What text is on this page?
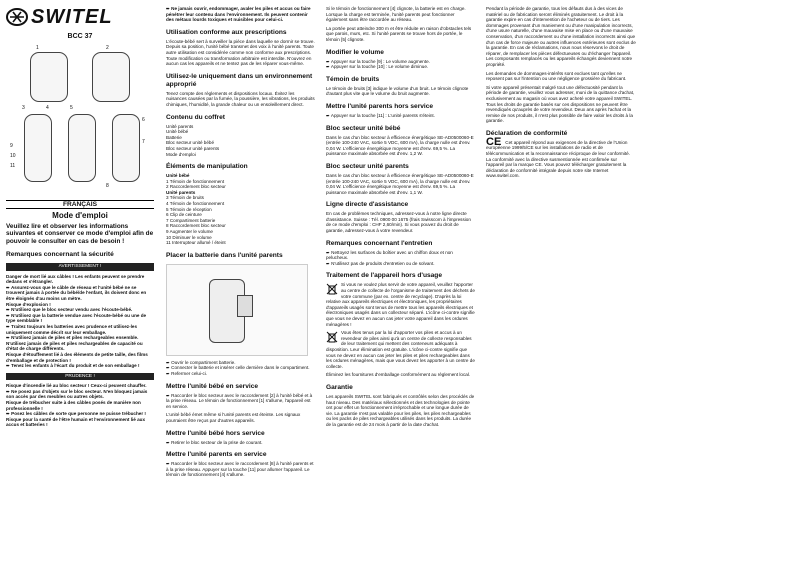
SWITEL
BCC 37
1	2
3	4	5
6
7
8
9
10
11
FRANÇAIS
Mode d'emploi
Veuillez lire et observer les informations suivantes et conserver ce mode d'emploi afin de pouvoir le consulter en cas de besoin !
Remarques concernant la sécurité
AVERTISSEMENT !

Danger de mort lié aux câbles ! Les enfants peuvent se prendre dedans et s'étrangler.

➨ Assurez-vous que le câble de réseau et l'unité bébé ne se trouvent jamais à portée du bébé/de l'enfant, ils doivent donc en être éloignés d'au moins un mètre.

Risque d'explosion !

➨ N'utilisez que le bloc secteur vendu avec l'écoute-bébé.

➨ N'utilisez que la batterie vendue avec l'écoute-bébé ou une de type semblable !

➨ Traitez toujours les batteries avec prudence et utilisez-les uniquement comme décrit sur leur emballage.

➨ N'utilisez jamais de piles et piles rechargeables ensemble. N'utilisez jamais de piles et piles rechargeables de capacité ou d'état de charge différents.

Risque d'étouffement lié à des éléments de petite taille, des films d'emballage et de protection !

➨ Tenez les enfants à l'écart du produit et de son emballage !

PRUDENCE !

Risque d'incendie lié au bloc secteur ! Ceux-ci peuvent chauffer.

➨ Ne posez pas d'objets sur le bloc secteur. N'en bloquez jamais son accès par des meubles ou autres objets.

Risque de trébucher suite à des câbles posés de manière non professionnelle !

➨ Posez les câbles de sorte que personne ne puisse trébucher !

Risque pour la santé de l'être humain et l'environnement lié aux accus et batteries !

➨ Ne jamais ouvrir, endommager, avaler les piles et accus ou faire pénétrer leur contenu dans l'environnement. Ils peuvent contenir des métaux lourds toxiques et nuisibles pour celui-ci.

Utilisation conforme aux prescriptions

L'écoute-bébé sert à surveiller la pièce dans laquelle se dormir se trouve. Depuis sa position, l'unité bébé transmet des voix à l'unité parents. Toute autre utilisation est considérée comme non conforme aux prescriptions. Toute modification ou transformation arbitraire est interdite. N'ouvrez en aucun cas les appareils et ne tentez pas de les réparer vous-même.

Utilisez-le uniquement dans un environnement approprié

Tenez compte des règlements et dispositions locaux. Évitez les nuisances causées par la fumée, la poussière, les vibrations, les produits chimiques, l'humidité, la grande chaleur ou un ensoleillement direct.

Contenu du coffret

Unité parents

Unité bébé

Batterie

Bloc secteur unité bébé

Bloc secteur unité parents

Mode d'emploi

Éléments de manipulation

Unité bébé

1 Témoin de fonctionnement

2 Raccordement bloc secteur

Unité parents

3 Témoin de bruits

4 Témoin de fonctionnement

5 Témoin de réception

6 Clip de ceinture

7 Compartiment batterie

8 Raccordement bloc secteur

9 Augmenter le volume

10 Diminuer le volume

11 Interrupteur allumé / éteint

Placer la batterie dans l'unité parents

➨ Ouvrir le compartiment batterie.

➨ Connecter le batterie et insérer celle dernière dans le compartiment.

➨ Refermer celui-ci.

Mettre l'unité bébé en service

➨ Raccorder le bloc secteur avec le raccordement [2] à l'unité bébé et à la prise réseau. Le témoin de fonctionnement [1] s'allume, l'appareil est en service.

L'unité bébé émet même si l'unité parents est éteinte. Les signaux pourraient être reçus par d'autres appareils.

Mettre l'unité bébé hors service

➨ Retirer le bloc secteur de la prise de courant.

Mettre l'unité parents en service

➨ Raccorder le bloc secteur avec le raccordement [8] à l'unité parents et à la prise réseau. Appuyer sur la touche [11] pour allumer l'appareil. Le témoin de fonctionnement [4] s'allume.

Si le témoin de fonctionnement [4] clignote, la batterie est en charge. Lorsque la charge est terminée, l'unité parents peut fonctionner également sans être raccordée au réseau.

La portée peut atteindre 300 m et être réduite en raison d'obstacles tels que parois, murs, etc. Si l'unité parents se trouve hors de portée, le témoin [5] clignote.

Modifier le volume

➨ Appuyer sur la touche [9] : Le volume augmente.

➨ Appuyer sur la touche [10] : Le volume diminue.

Témoin de bruits

Le témoin de bruits [3] indique le volume d'un bruit. Le témoin clignote d'autant plus vite que le volume du bruit augmente.

Mettre l'unité parents hors service

➨ Appuyer sur la touche [11] : L'unité parents s'éteint.

Bloc secteur unité bébé

Dans le cas d'un bloc secteur à efficience énergétique SE-AD0500060-E (entrée 100-240 VAC, sortie 5 VDC, 600 mA), la charge nulle est d'env. 0,04 W. L'efficience énergétique moyenne est d'env. 69,5 %. La puissance maximale absorbée est d'env. 1,2 W.

Bloc secteur unité parents

Dans le cas d'un bloc secteur à efficience énergétique SE-AD0500060-E (entrée 100-240 VAC, sortie 5 VDC, 600 mA), la charge nulle est d'env. 0,04 W. L'efficience énergétique moyenne est d'env. 69,5 %. La puissance maximale absorbée est d'env. 1,1 W.

Ligne directe d'assistance

En cas de problèmes techniques, adressez-vous à notre ligne directe d'assistance. Suisse : Tél. 0900 00 1675 (frais Swisscom à l'impression de ce mode d'emploi : CHF 2,60/min). Si vous pouvez du droit de garantie, adressez-vous à votre revendeur.

Remarques concernant l'entretien

➨ Nettoyez les surfaces du boîtier avec un chiffon doux et non pelucheux.

➨ N'utilisez pas de produits d'entretien ou de solvant.

Traitement de l'appareil hors d'usage

Si vous ne voulez plus servir de votre appareil, veuillez l'apporter au centre de collecte de l'organisme de traitement des déchets de votre commune (par ex. centre de recyclage). D'après la loi relative aux appareils électriques et électroniques, les propriétaires d'appareils usagés sont tenus de mettre tous les appareils électriques et électroniques usagés dans un collecteur séparé. L'icône ci-contre signifie que vous ne devez en aucun cas jeter votre appareil dans les ordures ménagères !

Vous êtes tenus par la loi d'apporter vos piles et accus à un revendeur de piles ainsi qu'à un centre de collecte responsables de leur traitement qui mettent des conteneurs adéquats à disposition. Leur élimination est gratuite. L'icône ci-contre signifie que vous ne devez en aucun cas jeter les piles et piles rechargeables dans les ordures ménagères, mais que vous devez les apporter à un centre de collecte.

Éliminez les fournitures d'emballage conformément au règlement local.

Garantie

Les appareils SWITEL sont fabriqués et contrôlés selon des procédés de haut niveau. Des matériaux sélectionnés et des technologies de pointe ont pour effet un fonctionnement irréprochable et une longue durée de vie. La garantie n'est pas valable pour les piles, les piles rechargeables ou les packs de piles rechargeables utilisés dans les produits. La durée de la garantie est de 24 mois à partir de la date d'achat.

Pendant la période de garantie, tous les défauts dus à des vices de matériel ou de fabrication seront éliminés gratuitement. Le droit à la garantie expire en cas d'intervention de l'acheteur ou de tiers. Les dommages provenant d'un maniement ou d'une manipulation incorrects, d'une usure naturelle, d'une mauvaise mise en place ou d'une mauvaise conservation, d'un raccordement ou d'une installation incorrects ainsi que d'un cas de force majeure ou autres influences extérieures sont exclus de la garantie. En cas de réclamations, nous nous réservons le droit de réparer, de remplacer les pièces défectueuses ou d'échanger l'appareil. Les composants remplacés ou les appareils échangés deviennent notre propriété.

Les demandes de dommages-intérêts sont exclues tant qu'elles ne reposent pas sur l'intention ou une négligence grossière du fabricant.

Si votre appareil présentait malgré tout une défectuosité pendant la période de garantie, veuillez vous adresser, muni de la quittance d'achat, exclusivement au magasin où vous avez acheté votre appareil SWITEL. Tous les droits de garantie basés sur ces dispositions ne peuvent être revendiqués qu'auprès de votre revendeur. Deux ans après l'achat et la remise de nos produits, il n'est plus possible de faire valoir les droits à la garantie.

Déclaration de conformité
CE Cet appareil répond aux exigences de la directive de l'Union européenne 1999/5/CE sur les installations de radio et de télécommunication et la reconnaissance réciproque de leur conformité. La conformité avec la directive susmentionnée est confirmée sur l'appareil par la marque CE. Vous pouvez télécharger gratuitement la déclaration de conformité intégrale depuis notre site Internet www.switel.com.
